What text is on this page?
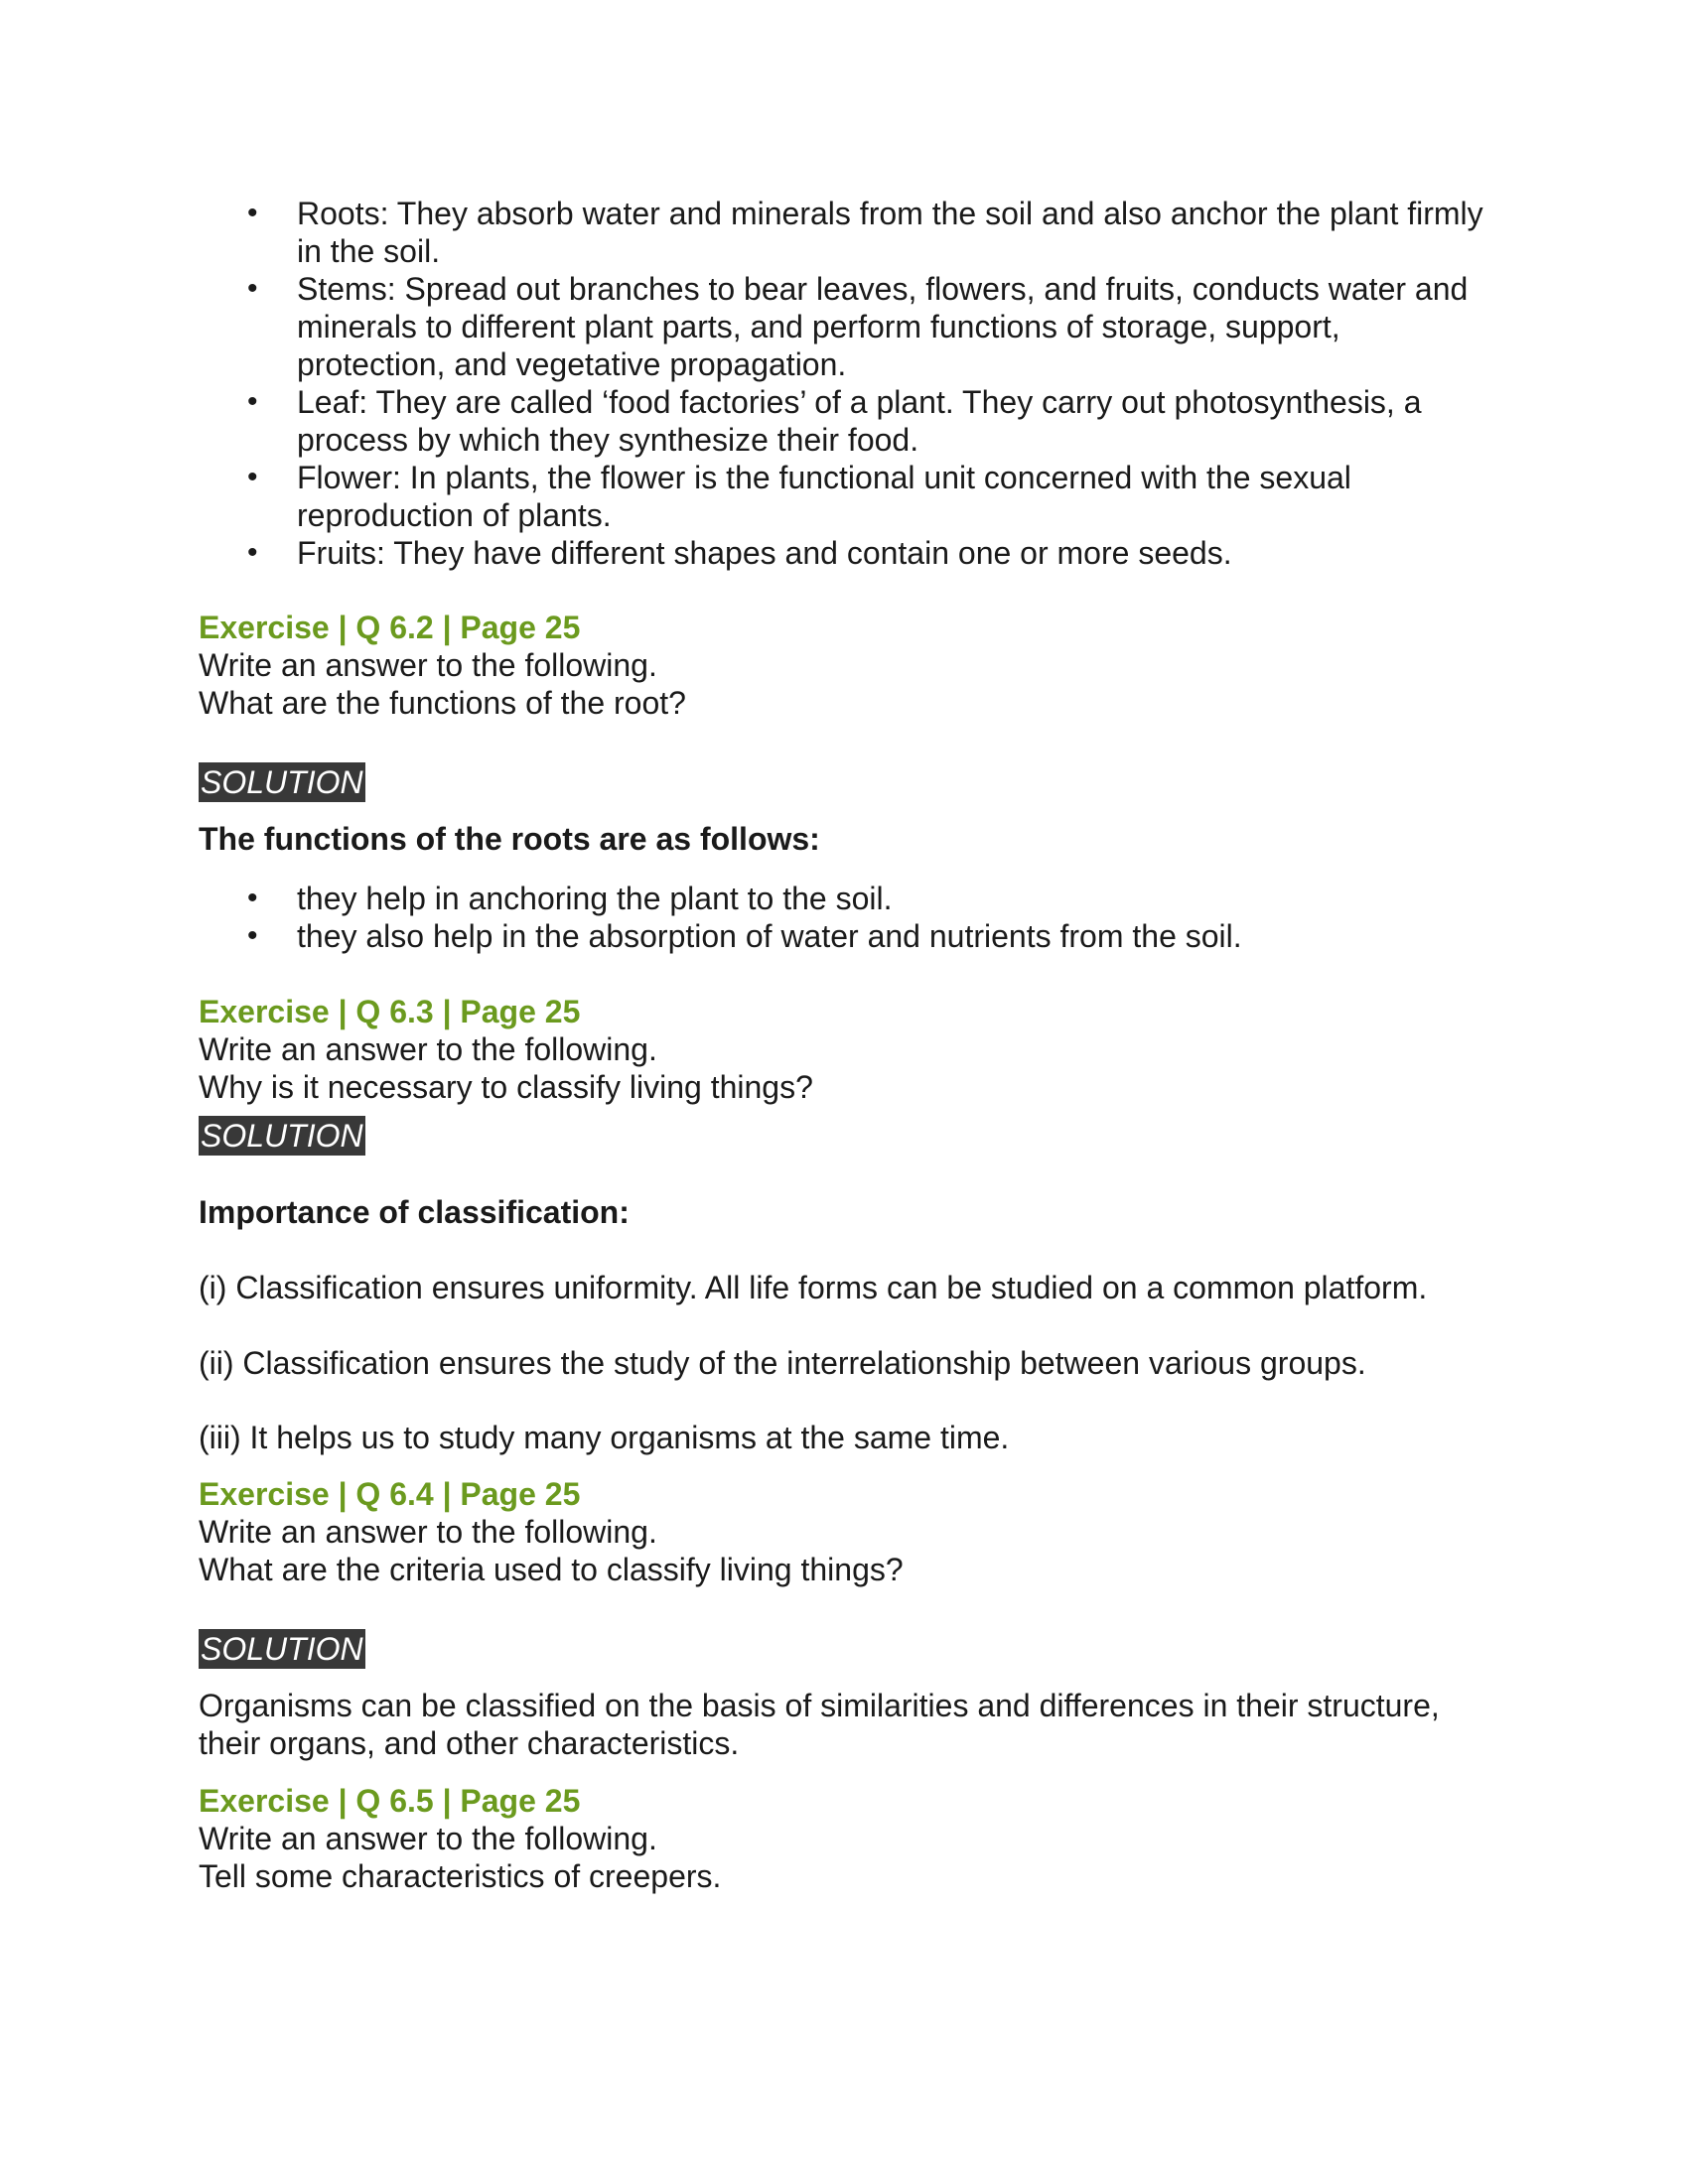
• Roots: They absorb water and minerals from the soil and also anchor the plant firmly in the soil.
• Stems: Spread out branches to bear leaves, flowers, and fruits, conducts water and minerals to different plant parts, and perform functions of storage, support, protection, and vegetative propagation.
• Leaf: They are called ‘food factories’ of a plant. They carry out photosynthesis, a process by which they synthesize their food.
• Flower: In plants, the flower is the functional unit concerned with the sexual reproduction of plants.
• Fruits: They have different shapes and contain one or more seeds.

Exercise | Q 6.2 | Page 25

Write an answer to the following.

What are the functions of the root?

SOLUTION

The functions of the roots are as follows:

• they help in anchoring the plant to the soil.
• they also help in the absorption of water and nutrients from the soil.

Exercise | Q 6.3 | Page 25

Write an answer to the following.

Why is it necessary to classify living things?

SOLUTION

Importance of classification:

(i) Classification ensures uniformity. All life forms can be studied on a common platform.

(ii) Classification ensures the study of the interrelationship between various groups.

(iii) It helps us to study many organisms at the same time.

Exercise | Q 6.4 | Page 25

Write an answer to the following.

What are the criteria used to classify living things?

SOLUTION

Organisms can be classified on the basis of similarities and differences in their structure, their organs, and other characteristics.

Exercise | Q 6.5 | Page 25

Write an answer to the following.

Tell some characteristics of creepers.
